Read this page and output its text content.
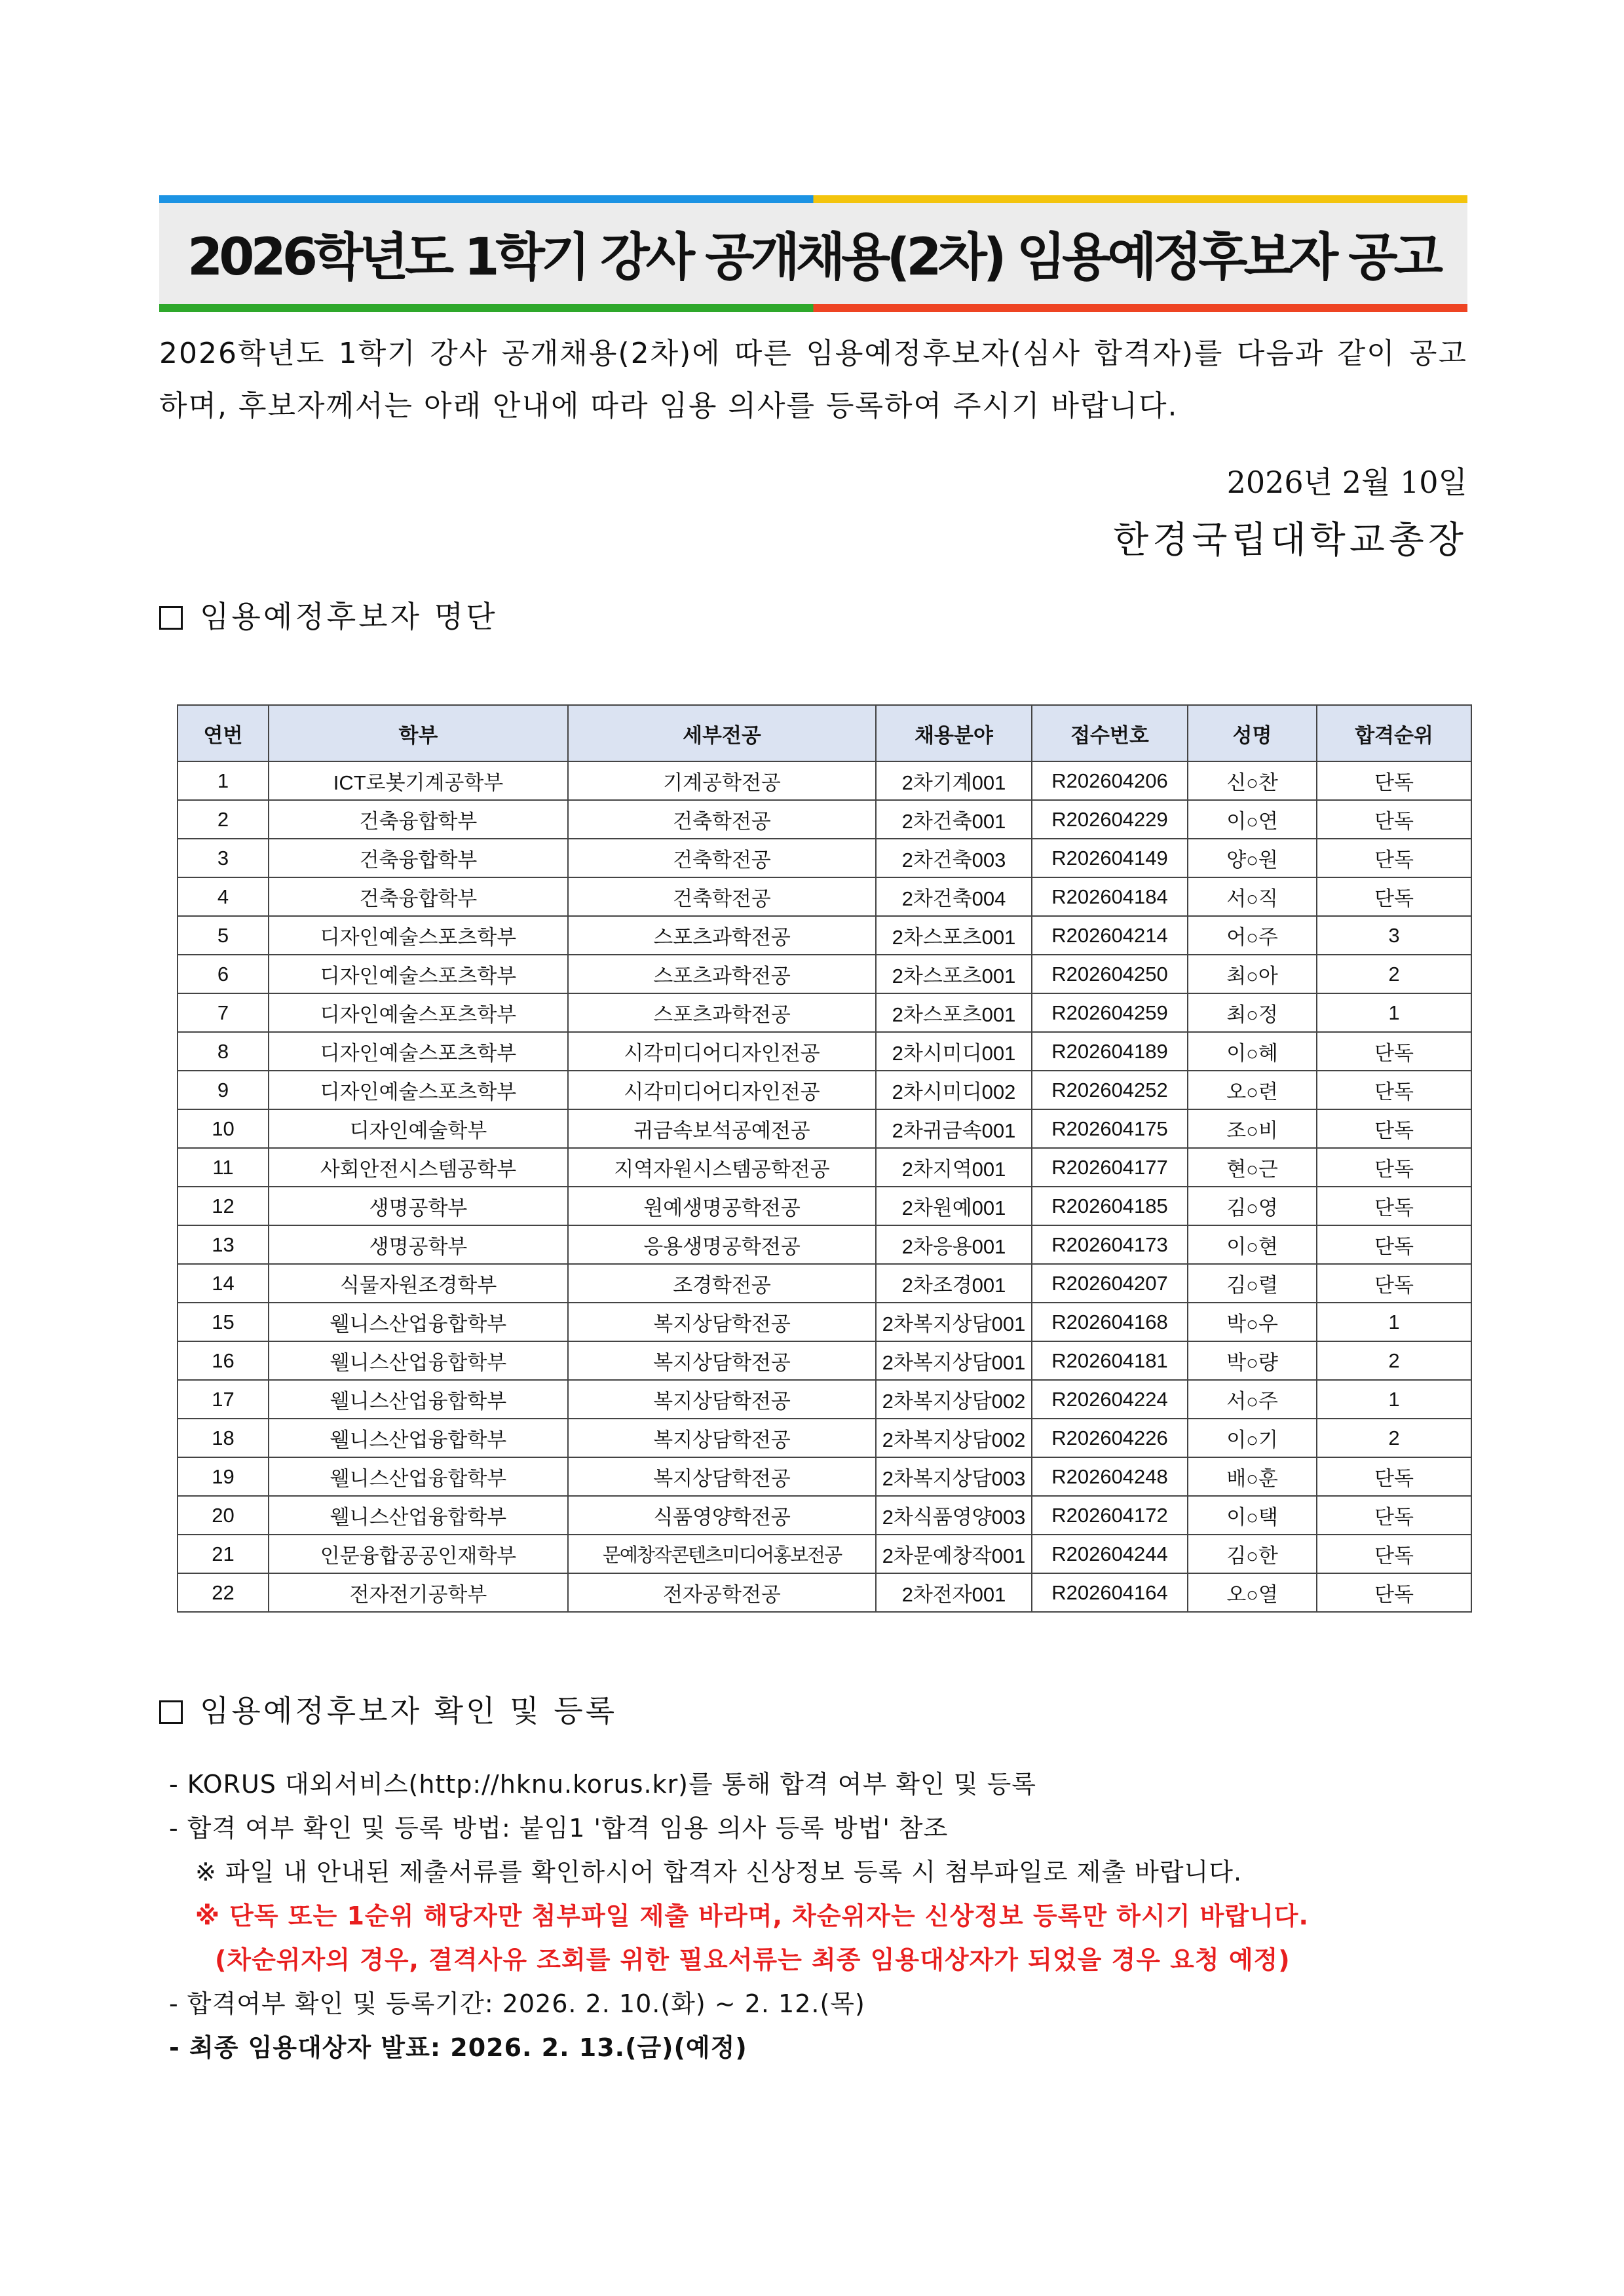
2026학년도 1학기 강사 공개채용(2차) 임용예정후보자 공고
2026학년도 1학기 강사 공개채용(2차)에 따른 임용예정후보자(심사 합격자)를 다음과 같이 공고하며, 후보자께서는 아래 안내에 따라 임용 의사를 등록하여 주시기 바랍니다.
2026년 2월 10일
한경국립대학교총장
임용예정후보자 명단
연번	학부	세부전공	채용분야	접수번호	성명	합격순위
1	ICT로봇기계공학부	기계공학전공	2차기계001	R202604206	신○찬	단독
2	건축융합학부	건축학전공	2차건축001	R202604229	이○연	단독
3	건축융합학부	건축학전공	2차건축003	R202604149	양○원	단독
4	건축융합학부	건축학전공	2차건축004	R202604184	서○직	단독
5	디자인예술스포츠학부	스포츠과학전공	2차스포츠001	R202604214	어○주	3
6	디자인예술스포츠학부	스포츠과학전공	2차스포츠001	R202604250	최○아	2
7	디자인예술스포츠학부	스포츠과학전공	2차스포츠001	R202604259	최○정	1
8	디자인예술스포츠학부	시각미디어디자인전공	2차시미디001	R202604189	이○혜	단독
9	디자인예술스포츠학부	시각미디어디자인전공	2차시미디002	R202604252	오○련	단독
10	디자인예술학부	귀금속보석공예전공	2차귀금속001	R202604175	조○비	단독
11	사회안전시스템공학부	지역자원시스템공학전공	2차지역001	R202604177	현○근	단독
12	생명공학부	원예생명공학전공	2차원예001	R202604185	김○영	단독
13	생명공학부	응용생명공학전공	2차응용001	R202604173	이○현	단독
14	식물자원조경학부	조경학전공	2차조경001	R202604207	김○렬	단독
15	웰니스산업융합학부	복지상담학전공	2차복지상담001	R202604168	박○우	1
16	웰니스산업융합학부	복지상담학전공	2차복지상담001	R202604181	박○량	2
17	웰니스산업융합학부	복지상담학전공	2차복지상담002	R202604224	서○주	1
18	웰니스산업융합학부	복지상담학전공	2차복지상담002	R202604226	이○기	2
19	웰니스산업융합학부	복지상담학전공	2차복지상담003	R202604248	배○훈	단독
20	웰니스산업융합학부	식품영양학전공	2차식품영양003	R202604172	이○택	단독
21	인문융합공공인재학부	문예창작콘텐츠미디어홍보전공	2차문예창작001	R202604244	김○한	단독
22	전자전기공학부	전자공학전공	2차전자001	R202604164	오○열	단독
임용예정후보자 확인 및 등록
- KORUS 대외서비스(http://hknu.korus.kr)를 통해 합격 여부 확인 및 등록
- 합격 여부 확인 및 등록 방법: 붙임1 '합격 임용 의사 등록 방법' 참조
※ 파일 내 안내된 제출서류를 확인하시어 합격자 신상정보 등록 시 첨부파일로 제출 바랍니다.
※ 단독 또는 1순위 해당자만 첨부파일 제출 바라며, 차순위자는 신상정보 등록만 하시기 바랍니다.
(차순위자의 경우, 결격사유 조회를 위한 필요서류는 최종 임용대상자가 되었을 경우 요청 예정)
- 합격여부 확인 및 등록기간: 2026. 2. 10.(화) ~ 2. 12.(목)
- 최종 임용대상자 발표: 2026. 2. 13.(금)(예정)
